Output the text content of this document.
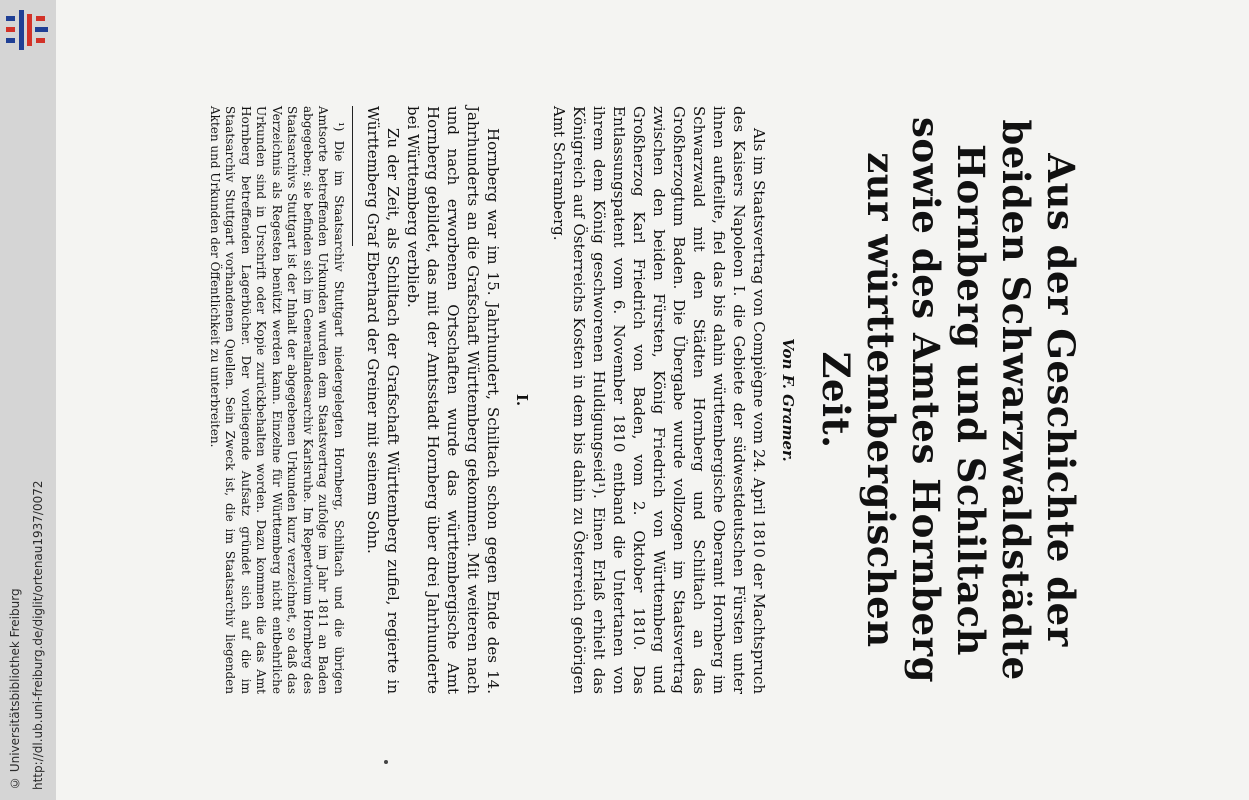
http://dl.ub.uni-freiburg.de/diglit/ortenau1937/0072
© Universitätsbibliothek Freiburg
Aus der Geschichte der beiden Schwarzwaldstädte Hornberg und Schiltach sowie des Amtes Hornberg zur württembergischen Zeit.
Von F. Gramer.

Als im Staatsvertrag von Compiègne vom 24. April 1810 der Machtspruch des Kaisers Napoleon I. die Gebiete der südwestdeutschen Fürsten unter ihnen aufteilte, fiel das bis dahin württembergische Oberamt Hornberg im Schwarzwald mit den Städten Hornberg und Schiltach an das Großherzogtum Baden. Die Übergabe wurde vollzogen im Staatsvertrag zwischen den beiden Fürsten, König Friedrich von Württemberg und Großherzog Karl Friedrich von Baden, vom 2. Oktober 1810. Das Entlassungspatent vom 6. November 1810 entband die Untertanen von ihrem dem König geschworenen Huldigungseid¹). Einen Erlaß erhielt das Königreich auf Österreichs Kosten in dem bis dahin zu Österreich gehörigen Amt Schramberg.

I.

Hornberg war im 15. Jahrhundert, Schiltach schon gegen Ende des 14. Jahrhunderts an die Grafschaft Württemberg gekommen. Mit weiteren nach und nach erworbenen Ortschaften wurde das württembergische Amt Hornberg gebildet, das mit der Amtsstadt Hornberg über drei Jahrhunderte bei Württemberg verblieb.

Zu der Zeit, als Schiltach der Grafschaft Württemberg zufiel, regierte in Württemberg Graf Eberhard der Greiner mit seinem Sohn.

¹) Die im Staatsarchiv Stuttgart niedergelegten Hornberg, Schiltach und die übrigen Amtsorte betreffenden Urkunden wurden dem Staatsvertrag zufolge im Jahr 1811 an Baden abgegeben; sie befinden sich im Generallandesarchiv Karlsruhe. Im Repertorium Hornberg des Staatsarchivs Stuttgart ist der Inhalt der abgegebenen Urkunden kurz verzeichnet, so daß das Verzeichnis als Regesten benützt werden kann. Einzelne für Württemberg nicht entbehrliche Urkunden sind in Urschrift oder Kopie zurückbehalten worden. Dazu kommen die das Amt Hornberg betreffenden Lagerbücher. Der vorliegende Aufsatz gründet sich auf die im Staatsarchiv Stuttgart vorhandenen Quellen. Sein Zweck ist, die im Staatsarchiv liegenden Akten und Urkunden der Öffentlichkeit zu unterbreiten.
